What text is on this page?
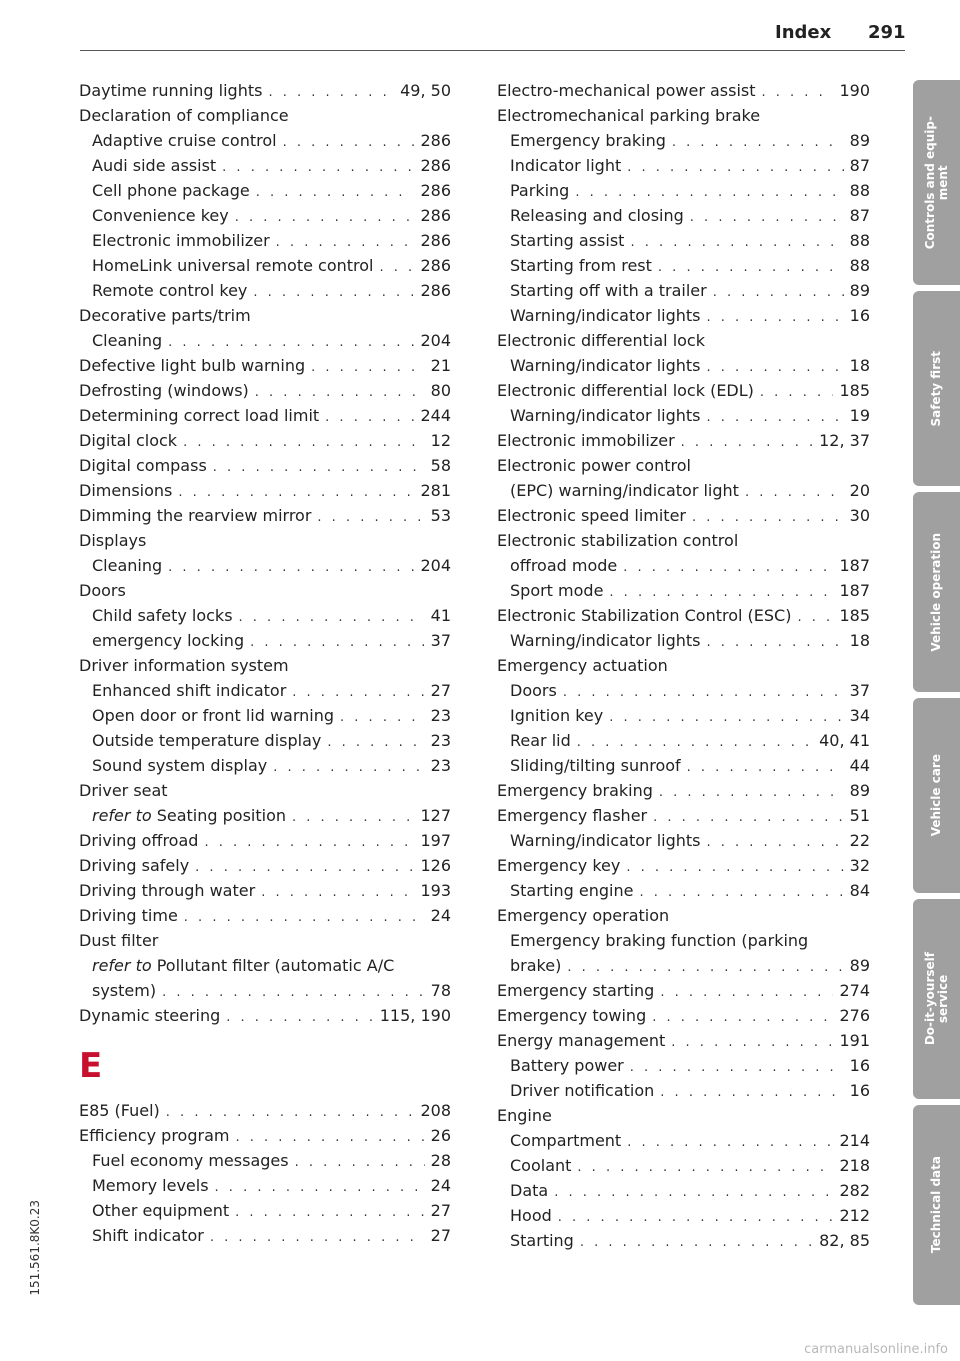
Index 291
Daytime running lights . . .	49, 50
Declaration of compliance
Adaptive cruise control . . .	286
Audi side assist . . .	286
Cell phone package . . .	286
Convenience key . . .	286
Electronic immobilizer . . .	286
HomeLink universal remote control . . .	286
Remote control key . . .	286
Decorative parts/trim
Cleaning . . .	204
Defective light bulb warning . . .	21
Defrosting (windows) . . .	80
Determining correct load limit . . .	244
Digital clock . . .	12
Digital compass . . .	58
Dimensions . . .	281
Dimming the rearview mirror . . .	53
Displays
Cleaning . . .	204
Doors
Child safety locks . . .	41
emergency locking . . .	37
Driver information system
Enhanced shift indicator . . .	27
Open door or front lid warning . . .	23
Outside temperature display . . .	23
Sound system display . . .	23
Driver seat
refer to Seating position . . .	127
Driving offroad . . .	197
Driving safely . . .	126
Driving through water . . .	193
Driving time . . .	24
Dust filter
refer to Pollutant filter (automatic A/C
system) . . .	78
Dynamic steering . . .	115, 190
E
E85 (Fuel) . . .	208
Efficiency program . . .	26
Fuel economy messages . . .	28
Memory levels . . .	24
Other equipment . . .	27
Shift indicator . . .	27
Electro-mechanical power assist . . .	190
Electromechanical parking brake
Emergency braking . . .	89
Indicator light . . .	87
Parking . . .	88
Releasing and closing . . .	87
Starting assist . . .	88
Starting from rest . . .	88
Starting off with a trailer . . .	89
Warning/indicator lights . . .	16
Electronic differential lock
Warning/indicator lights . . .	18
Electronic differential lock (EDL) . . .	185
Warning/indicator lights . . .	19
Electronic immobilizer . . .	12, 37
Electronic power control
(EPC) warning/indicator light . . .	20
Electronic speed limiter . . .	30
Electronic stabilization control
offroad mode . . .	187
Sport mode . . .	187
Electronic Stabilization Control (ESC) . . .	185
Warning/indicator lights . . .	18
Emergency actuation
Doors . . .	37
Ignition key . . .	34
Rear lid . . .	40, 41
Sliding/tilting sunroof . . .	44
Emergency braking . . .	89
Emergency flasher . . .	51
Warning/indicator lights . . .	22
Emergency key . . .	32
Starting engine . . .	84
Emergency operation
Emergency braking function (parking
brake) . . .	89
Emergency starting . . .	274
Emergency towing . . .	276
Energy management . . .	191
Battery power . . .	16
Driver notification . . .	16
Engine
Compartment . . .	214
Coolant . . .	218
Data . . .	282
Hood . . .	212
Starting . . .	82, 85
Controls and equip-
ment
Safety first
Vehicle operation
Vehicle care
Do-it-yourself
service
Technical data
151.561.8K0.23
carmanualsonline.info
